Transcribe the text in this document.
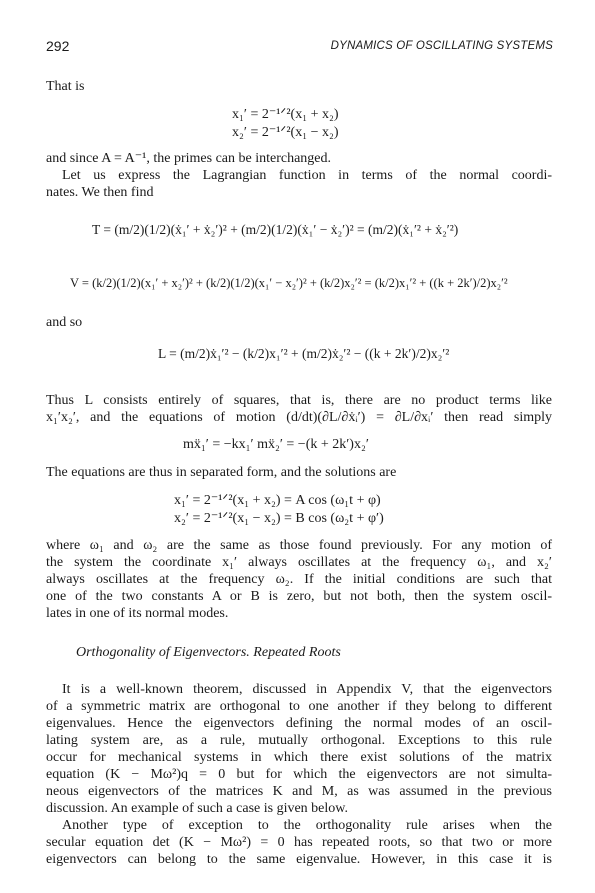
292	DYNAMICS OF OSCILLATING SYSTEMS
That is
x₁′ = 2⁻¹ᐟ²(x₁ + x₂)
x₂′ = 2⁻¹ᐟ²(x₁ − x₂)
and since A = A⁻¹, the primes can be interchanged.
Let us express the Lagrangian function in terms of the normal coordi-
nates. We then find
T = (m/2)(1/2)(ẋ₁′ + ẋ₂′)² + (m/2)(1/2)(ẋ₁′ − ẋ₂′)² = (m/2)(ẋ₁′² + ẋ₂′²)
V = (k/2)(1/2)(x₁′ + x₂′)² + (k/2)(1/2)(x₁′ − x₂′)² + (k/2)x₂′² = (k/2)x₁′² + ((k + 2k′)/2)x₂′²
and so
L = (m/2)ẋ₁′² − (k/2)x₁′² + (m/2)ẋ₂′² − ((k + 2k′)/2)x₂′²
Thus L consists entirely of squares, that is, there are no product terms like
x₁′x₂′, and the equations of motion (d/dt)(∂L/∂ẋᵢ′) = ∂L/∂xᵢ′ then read simply
mẍ₁′ = −kx₁′ mẍ₂′ = −(k + 2k′)x₂′
The equations are thus in separated form, and the solutions are
x₁′ = 2⁻¹ᐟ²(x₁ + x₂) = A cos (ω₁t + φ)
x₂′ = 2⁻¹ᐟ²(x₁ − x₂) = B cos (ω₂t + φ′)
where ω₁ and ω₂ are the same as those found previously. For any motion of
the system the coordinate x₁′ always oscillates at the frequency ω₁, and x₂′
always oscillates at the frequency ω₂. If the initial conditions are such that
one of the two constants A or B is zero, but not both, then the system oscil-
lates in one of its normal modes.
Orthogonality of Eigenvectors. Repeated Roots
It is a well-known theorem, discussed in Appendix V, that the eigenvectors
of a symmetric matrix are orthogonal to one another if they belong to different
eigenvalues. Hence the eigenvectors defining the normal modes of an oscil-
lating system are, as a rule, mutually orthogonal. Exceptions to this rule
occur for mechanical systems in which there exist solutions of the matrix
equation (K − Mω²)q = 0 but for which the eigenvectors are not simulta-
neous eigenvectors of the matrices K and M, as was assumed in the previous
discussion. An example of such a case is given below.
Another type of exception to the orthogonality rule arises when the
secular equation det (K − Mω²) = 0 has repeated roots, so that two or more
eigenvectors can belong to the same eigenvalue. However, in this case it is
